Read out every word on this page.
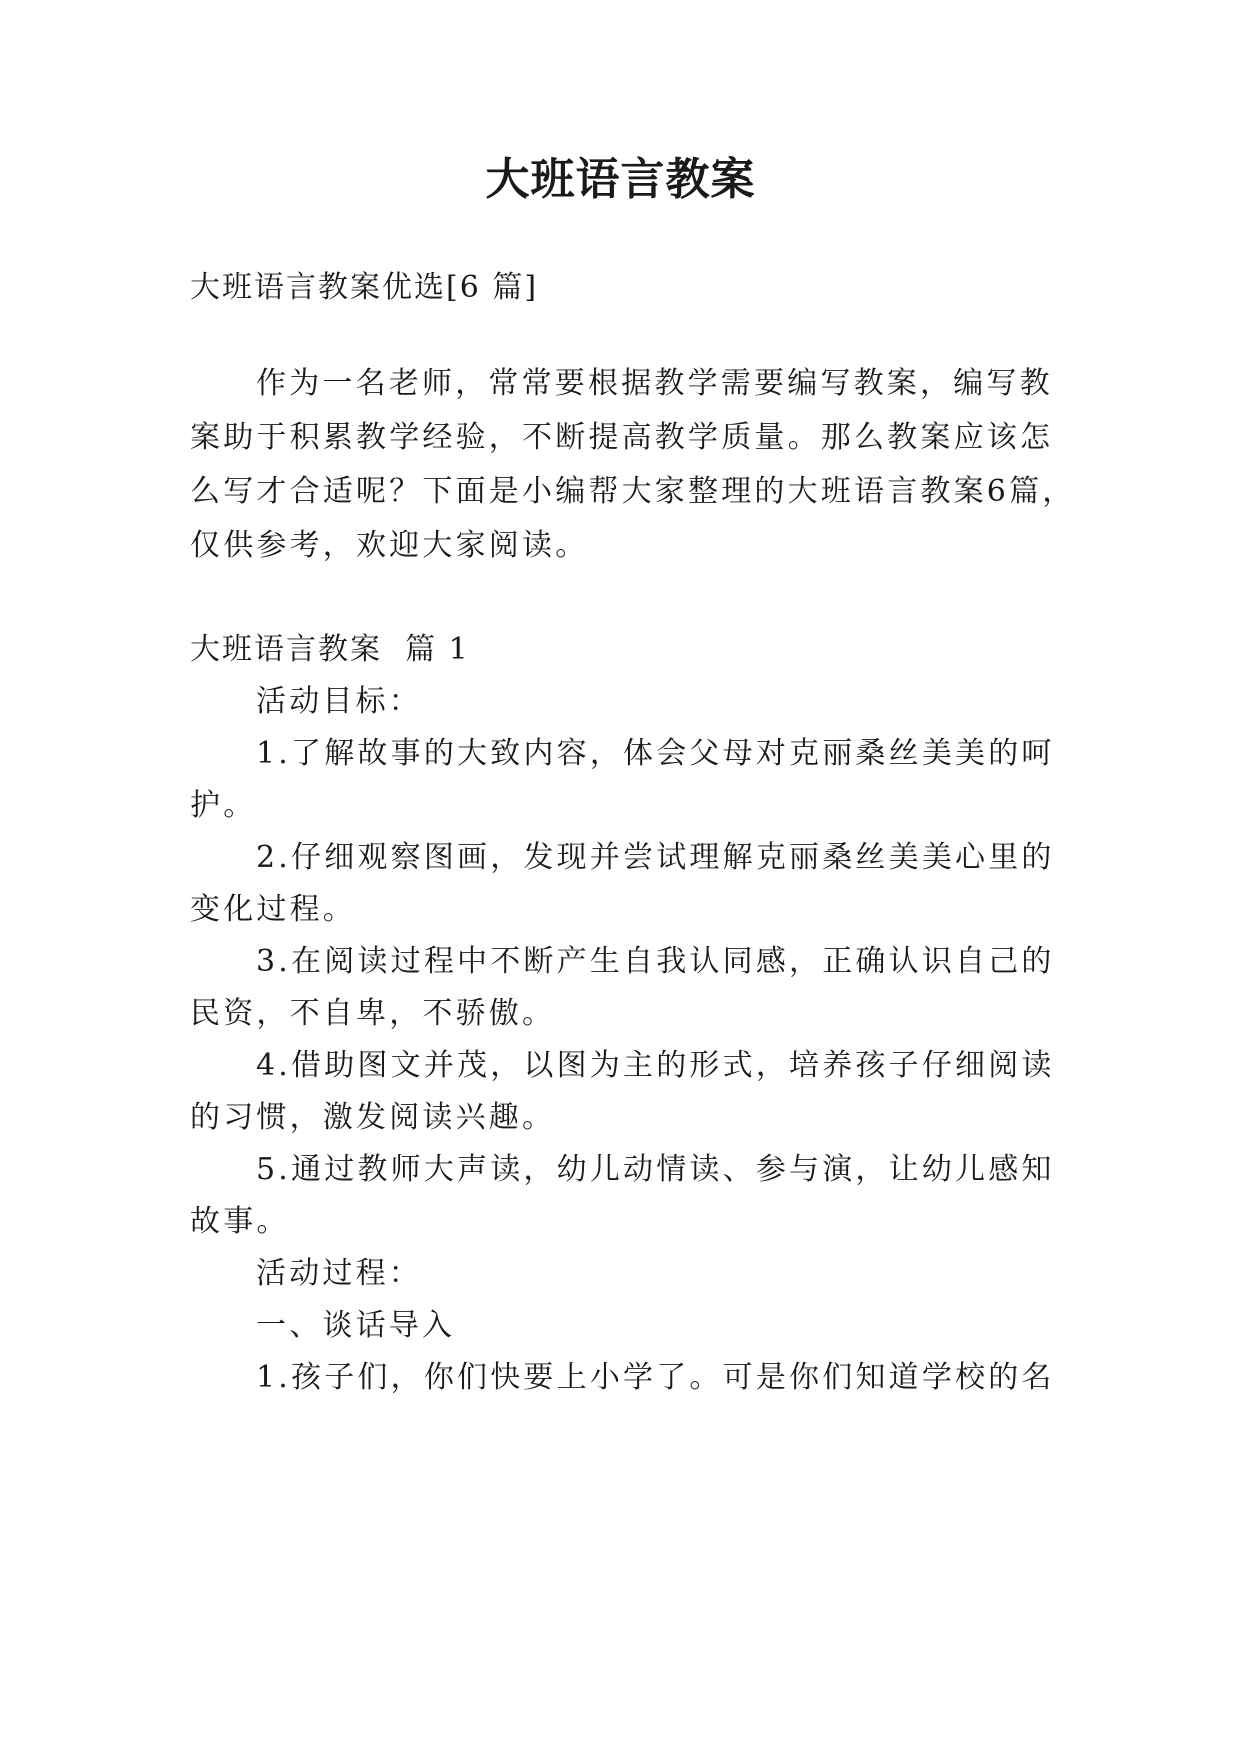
大班语言教案
大班语言教案优选[6 篇]
作为一名老师，常常要根据教学需要编写教案，编写教
案助于积累教学经验，不断提高教学质量。那么教案应该怎
么写才合适呢？下面是小编帮大家整理的大班语言教案6篇，
仅供参考，欢迎大家阅读。
大班语言教案  篇 1
活动目标：
1.了解故事的大致内容，体会父母对克丽桑丝美美的呵
护。
2.仔细观察图画，发现并尝试理解克丽桑丝美美心里的
变化过程。
3.在阅读过程中不断产生自我认同感，正确认识自己的
民资，不自卑，不骄傲。
4.借助图文并茂，以图为主的形式，培养孩子仔细阅读
的习惯，激发阅读兴趣。
5.通过教师大声读，幼儿动情读、参与演，让幼儿感知
故事。
活动过程：
一、谈话导入
1.孩子们，你们快要上小学了。可是你们知道学校的名
